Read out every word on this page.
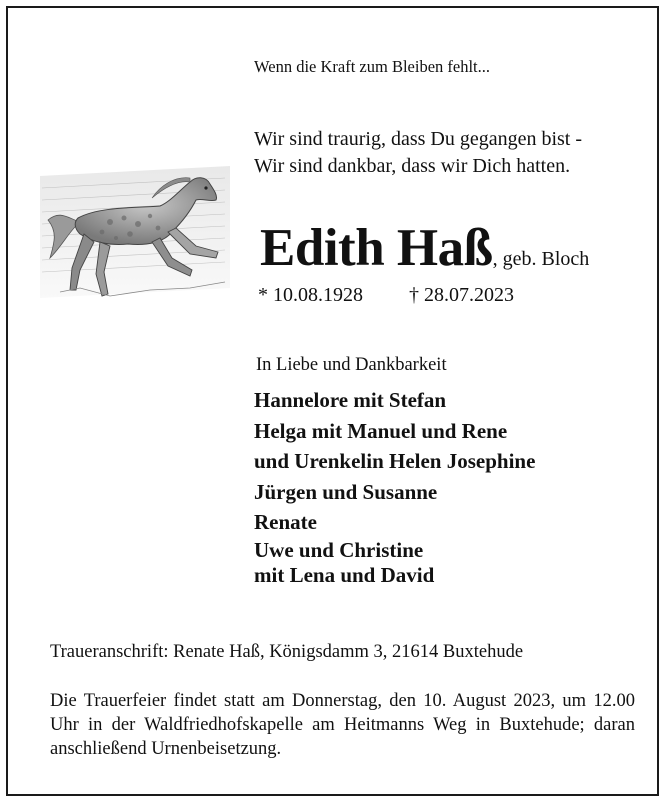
Wenn die Kraft zum Bleiben fehlt...
Wir sind traurig, dass Du gegangen bist -
Wir sind dankbar, dass wir Dich hatten.
Edith Haß, geb. Bloch
* 10.08.1928 † 28.07.2023
In Liebe und Dankbarkeit
Hannelore mit Stefan
Helga mit Manuel und Rene
und Urenkelin Helen Josephine
Jürgen und Susanne
Renate
Uwe und Christine
mit Lena und David
Traueranschrift: Renate Haß, Königsdamm 3, 21614 Buxtehude
Die Trauerfeier findet statt am Donnerstag, den 10. August 2023, um 12.00 Uhr in der Waldfriedhofskapelle am Heitmanns Weg in Buxtehude; daran anschließend Urnenbeisetzung.
